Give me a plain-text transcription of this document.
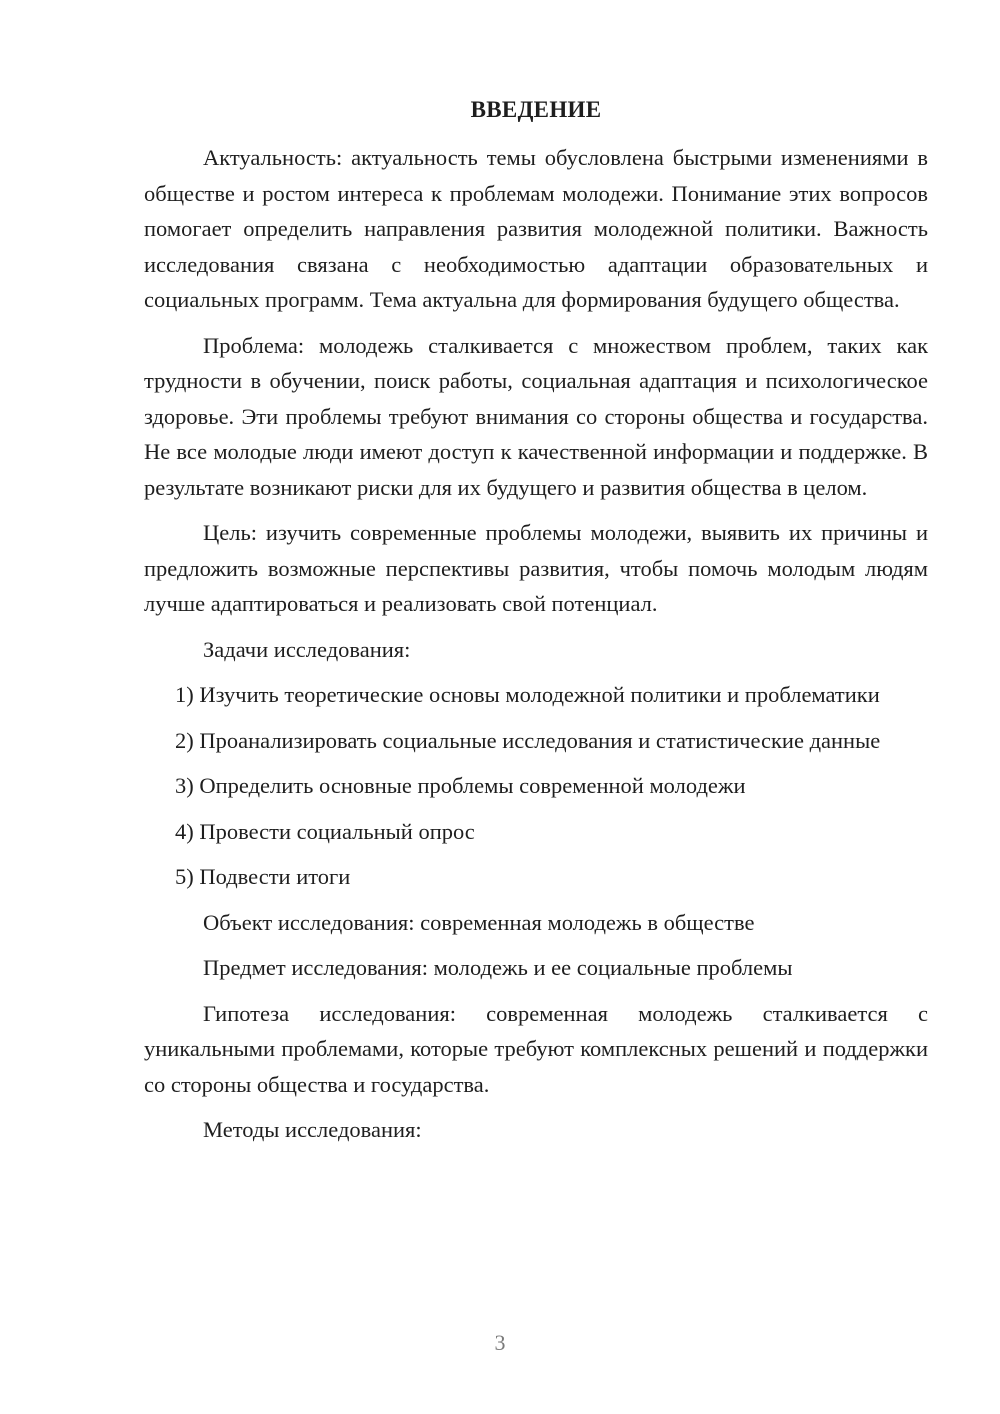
ВВЕДЕНИЕ

Актуальность: актуальность темы обусловлена быстрыми изменениями в обществе и ростом интереса к проблемам молодежи. Понимание этих вопросов помогает определить направления развития молодежной политики. Важность исследования связана с необходимостью адаптации образовательных и социальных программ. Тема актуальна для формирования будущего общества.

Проблема: молодежь сталкивается с множеством проблем, таких как трудности в обучении, поиск работы, социальная адаптация и психологическое здоровье. Эти проблемы требуют внимания со стороны общества и государства. Не все молодые люди имеют доступ к качественной информации и поддержке. В результате возникают риски для их будущего и развития общества в целом.

Цель: изучить современные проблемы молодежи, выявить их причины и предложить возможные перспективы развития, чтобы помочь молодым людям лучше адаптироваться и реализовать свой потенциал.

Задачи исследования:

1) Изучить теоретические основы молодежной политики и проблематики

2) Проанализировать социальные исследования и статистические данные

3) Определить основные проблемы современной молодежи

4) Провести социальный опрос

5) Подвести итоги

Объект исследования: современная молодежь в обществе

Предмет исследования: молодежь и ее социальные проблемы

Гипотеза исследования: современная молодежь сталкивается с уникальными проблемами, которые требуют комплексных решений и поддержки со стороны общества и государства.

Методы исследования:

3
